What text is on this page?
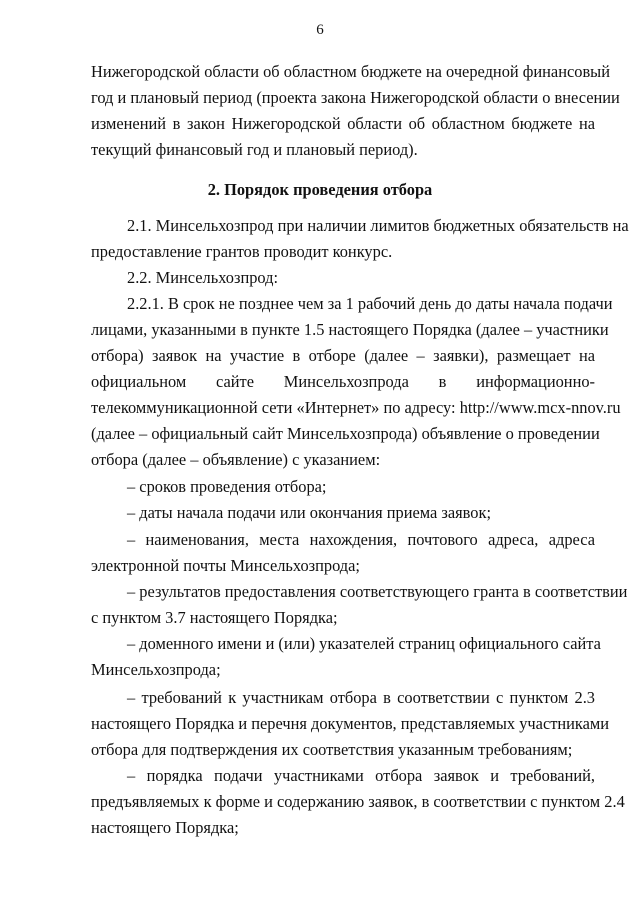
6
Нижегородской области об областном бюджете на очередной финансовый
год и плановый период (проекта закона Нижегородской области о внесении
изменений в закон Нижегородской области об областном бюджете на
текущий финансовый год и плановый период).
2. Порядок проведения отбора
2.1. Минсельхозпрод при наличии лимитов бюджетных обязательств на
предоставление грантов проводит конкурс.
2.2. Минсельхозпрод:
2.2.1. В срок не позднее чем за 1 рабочий день до даты начала подачи
лицами, указанными в пункте 1.5 настоящего Порядка (далее – участники
отбора) заявок на участие в отборе (далее – заявки), размещает на
официальном сайте Минсельхозпрода в информационно-
телекоммуникационной сети «Интернет» по адресу: http://www.mcx-nnov.ru
(далее – официальный сайт Минсельхозпрода) объявление о проведении
отбора (далее – объявление) с указанием:
– сроков проведения отбора;
– даты начала подачи или окончания приема заявок;
– наименования, места нахождения, почтового адреса, адреса
электронной почты Минсельхозпрода;
– результатов предоставления соответствующего гранта в соответствии
с пунктом 3.7 настоящего Порядка;
– доменного имени и (или) указателей страниц официального сайта
Минсельхозпрода;
– требований к участникам отбора в соответствии с пунктом 2.3
настоящего Порядка и перечня документов, представляемых участниками
отбора для подтверждения их соответствия указанным требованиям;
– порядка подачи участниками отбора заявок и требований,
предъявляемых к форме и содержанию заявок, в соответствии с пунктом 2.4
настоящего Порядка;
